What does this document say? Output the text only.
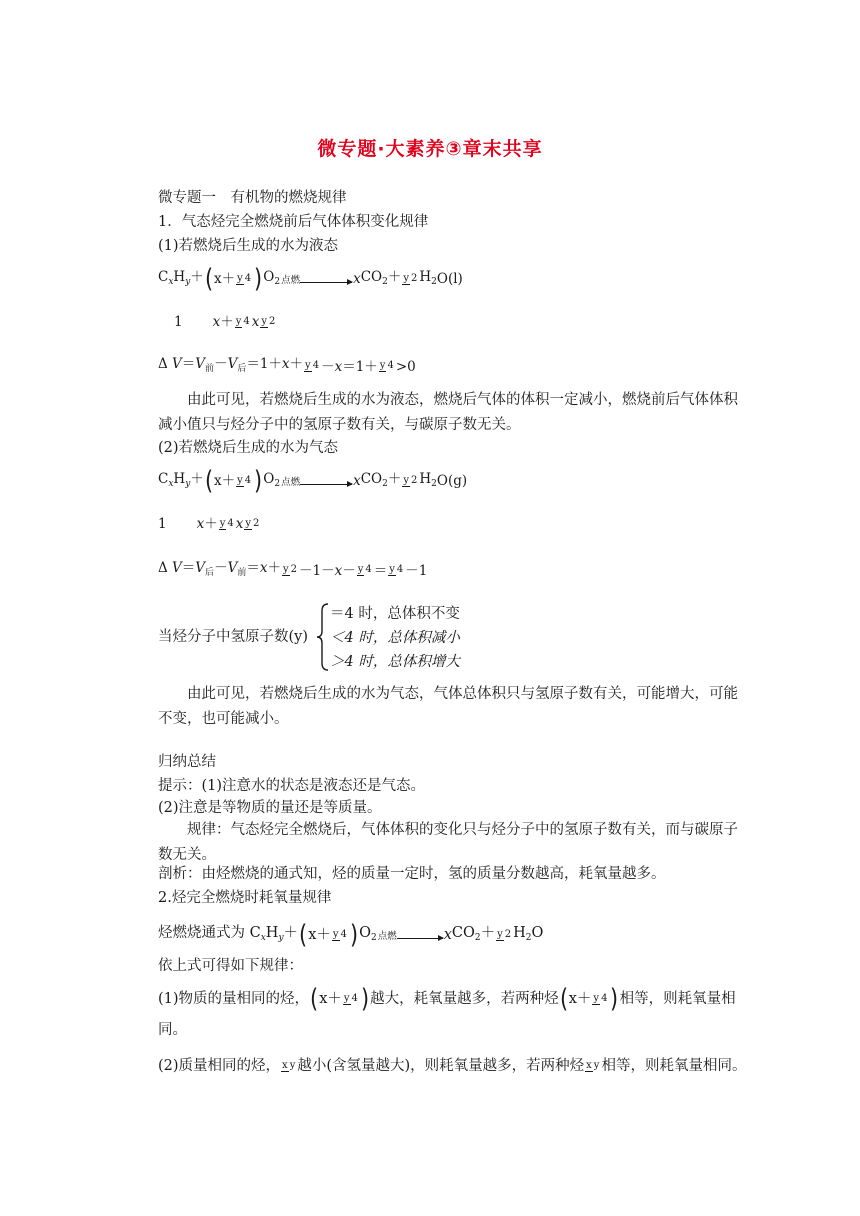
微专题·大素养③章末共享
微专题一　有机物的燃烧规律
1．气态烃完全燃烧前后气体体积变化规律
(1)若燃烧后生成的水为液态
CxHy＋ ( x＋ y 4 ) O2 点燃	x CO2＋ y 2 H2 O(l)
1 x ＋ y 4 x y 2
Δ V＝V前－V后＝1＋x＋ y 4 －x＝1＋ y 4 >0
由此可见，若燃烧后生成的水为液态，燃烧后气体的体积一定减小，燃烧前后气体体积减小值只与烃分子中的氢原子数有关，与碳原子数无关。
(2)若燃烧后生成的水为气态
CxHy＋ ( x＋ y 4 ) O2 点燃	x CO2＋ y 2 H2 O(g)
1 x ＋ y 4 x y 2
Δ V＝V后－V前＝x＋ y 2 －1－x－ y 4 ＝ y 4 －1
当烃分子中氢原子数(y)
＝4 时，总体积不变
＜4 时，总体积减小
＞4 时，总体积增大
由此可见，若燃烧后生成的水为气态，气体总体积只与氢原子数有关，可能增大，可能不变，也可能减小。
归纳总结
提示：(1)注意水的状态是液态还是气态。
(2)注意是等物质的量还是等质量。
规律：气态烃完全燃烧后，气体体积的变化只与烃分子中的氢原子数有关，而与碳原子数无关。
剖析：由烃燃烧的通式知，烃的质量一定时，氢的质量分数越高，耗氧量越多。
2.烃完全燃烧时耗氧量规律
烃燃烧通式为 CxHy＋ ( x＋ y 4 ) O2 点燃	x CO2＋ y 2 H2O
依上式可得如下规律：
(1)物质的量相同的烃， ( x＋ y 4 ) 越大，耗氧量越多，若两种烃 ( x＋ y 4 ) 相等，则耗氧量相
同。
(2)质量相同的烃， x y 越小(含氢量越大)，则耗氧量越多，若两种烃 x y 相等，则耗氧量相同。
